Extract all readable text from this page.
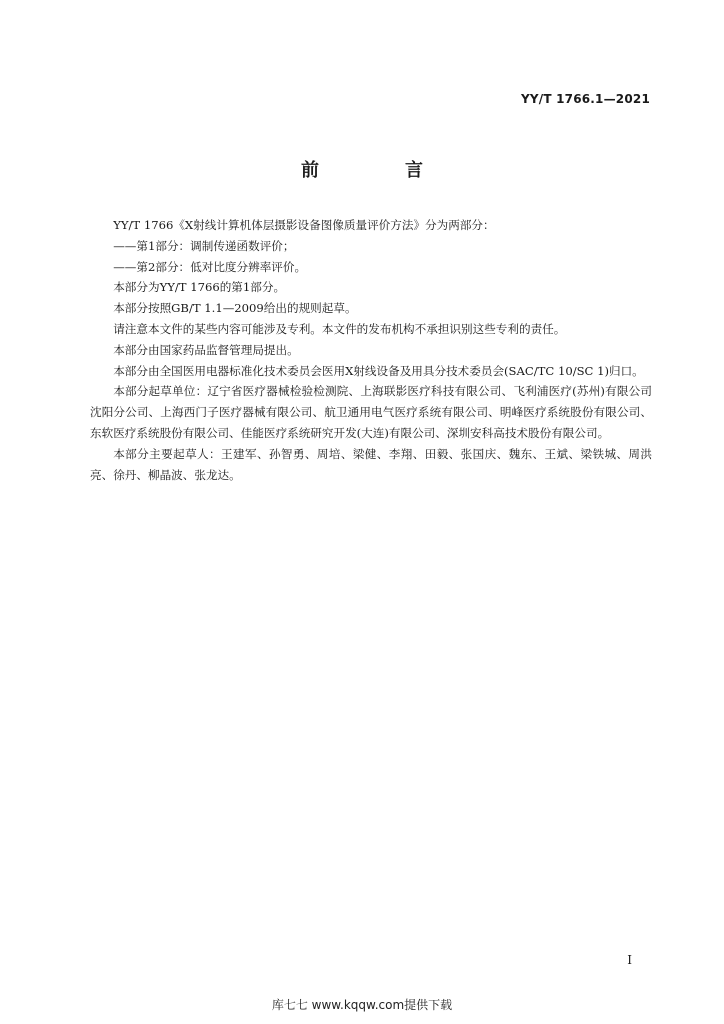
YY/T 1766.1—2021
前　言

YY/T 1766《X射线计算机体层摄影设备图像质量评价方法》分为两部分：

——第1部分：调制传递函数评价；

——第2部分：低对比度分辨率评价。

本部分为YY/T 1766的第1部分。

本部分按照GB/T 1.1—2009给出的规则起草。

请注意本文件的某些内容可能涉及专利。本文件的发布机构不承担识别这些专利的责任。

本部分由国家药品监督管理局提出。

本部分由全国医用电器标准化技术委员会医用X射线设备及用具分技术委员会(SAC/TC 10/SC 1)归口。

本部分起草单位：辽宁省医疗器械检验检测院、上海联影医疗科技有限公司、飞利浦医疗(苏州)有限公司沈阳分公司、上海西门子医疗器械有限公司、航卫通用电气医疗系统有限公司、明峰医疗系统股份有限公司、东软医疗系统股份有限公司、佳能医疗系统研究开发(大连)有限公司、深圳安科高技术股份有限公司。

本部分主要起草人：王建军、孙智勇、周培、梁健、李翔、田毅、张国庆、魏东、王斌、梁铁城、周洪亮、徐丹、柳晶波、张龙达。

I
库七七 www.kqqw.com提供下载
